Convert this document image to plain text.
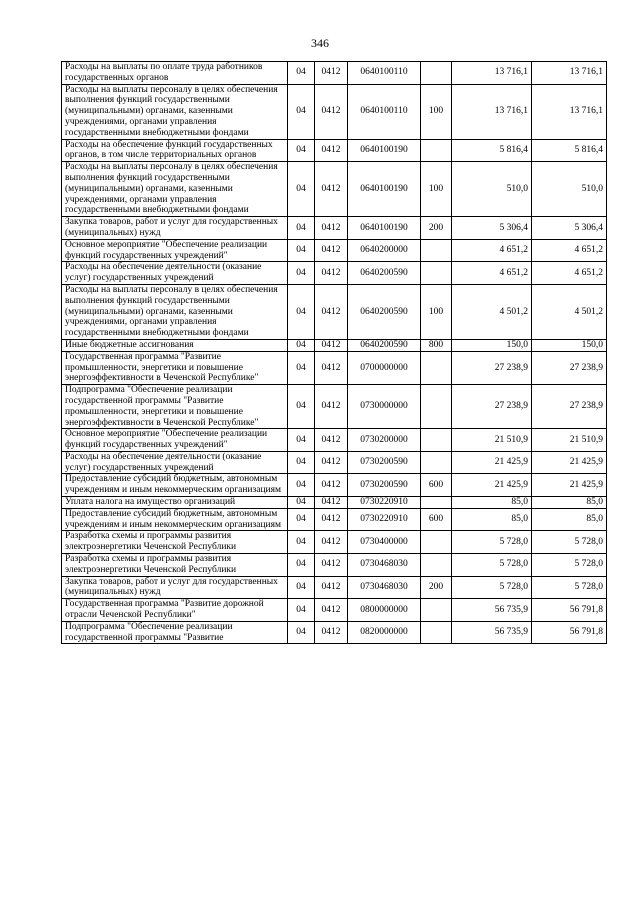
346
Расходы на выплаты по оплате труда работников государственных органов	04	0412	0640100110		13 716,1	13 716,1
Расходы на выплаты персоналу в целях обеспечения выполнения функций государственными (муниципальными) органами, казенными учреждениями, органами управления государственными внебюджетными фондами	04	0412	0640100110	100	13 716,1	13 716,1
Расходы на обеспечение функций государственных органов, в том числе территориальных органов	04	0412	0640100190		5 816,4	5 816,4
Расходы на выплаты персоналу в целях обеспечения выполнения функций государственными (муниципальными) органами, казенными учреждениями, органами управления государственными внебюджетными фондами	04	0412	0640100190	100	510,0	510,0
Закупка товаров, работ и услуг для государственных (муниципальных) нужд	04	0412	0640100190	200	5 306,4	5 306,4
Основное мероприятие "Обеспечение реализации функций государственных учреждений"	04	0412	0640200000		4 651,2	4 651,2
Расходы на обеспечение деятельности (оказание услуг) государственных учреждений	04	0412	0640200590		4 651,2	4 651,2
Расходы на выплаты персоналу в целях обеспечения выполнения функций государственными (муниципальными) органами, казенными учреждениями, органами управления государственными внебюджетными фондами	04	0412	0640200590	100	4 501,2	4 501,2
Иные бюджетные ассигнования	04	0412	0640200590	800	150,0	150,0
Государственная программа "Развитие промышленности, энергетики и повышение энергоэффективности в Чеченской Республике"	04	0412	0700000000		27 238,9	27 238,9
Подпрограмма "Обеспечение реализации государственной программы "Развитие промышленности, энергетики и повышение энергоэффективности в Чеченской Республике"	04	0412	0730000000		27 238,9	27 238,9
Основное мероприятие "Обеспечение реализации функций государственных учреждений"	04	0412	0730200000		21 510,9	21 510,9
Расходы на обеспечение деятельности (оказание услуг) государственных учреждений	04	0412	0730200590		21 425,9	21 425,9
Предоставление субсидий бюджетным, автономным учреждениям и иным некоммерческим организациям	04	0412	0730200590	600	21 425,9	21 425,9
Уплата налога на имущество организаций	04	0412	0730220910		85,0	85,0
Предоставление субсидий бюджетным, автономным учреждениям и иным некоммерческим организациям	04	0412	0730220910	600	85,0	85,0
Разработка схемы и программы развития электроэнергетики Чеченской Республики	04	0412	0730400000		5 728,0	5 728,0
Разработка схемы и программы развития электроэнергетики Чеченской Республики	04	0412	0730468030		5 728,0	5 728,0
Закупка товаров, работ и услуг для государственных (муниципальных) нужд	04	0412	0730468030	200	5 728,0	5 728,0
Государственная программа "Развитие дорожной отрасли Чеченской Республики"	04	0412	0800000000		56 735,9	56 791,8
Подпрограмма "Обеспечение реализации государственной программы "Развитие	04	0412	0820000000		56 735,9	56 791,8
